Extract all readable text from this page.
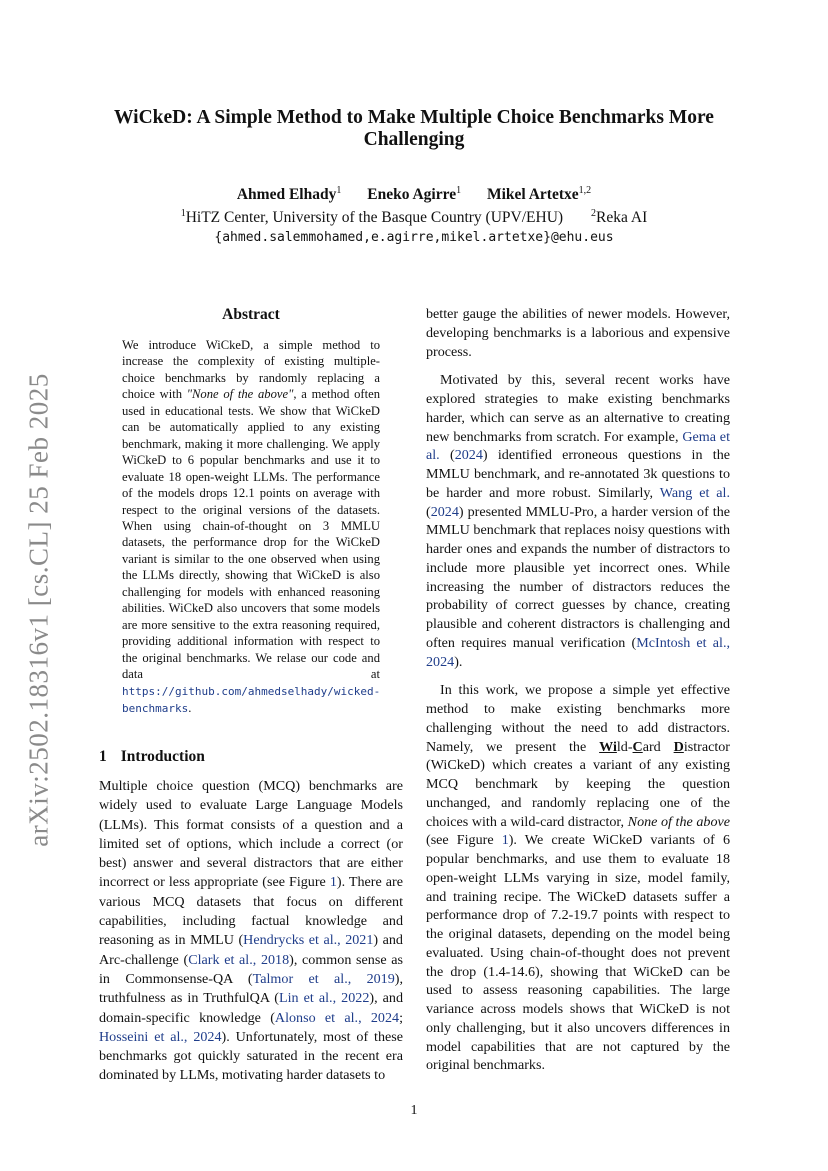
arXiv:2502.18316v1 [cs.CL] 25 Feb 2025
WiCkeD: A Simple Method to Make Multiple Choice Benchmarks More Challenging
Ahmed Elhady$^1$ Eneko Agirre$^1$ Mikel Artetxe$^{1,2}$
$^1$HiTZ Center, University of the Basque Country (UPV/EHU)	$^2$Reka AI
{ahmed.salemmohamed,e.agirre,mikel.artetxe}@ehu.eus
Abstract

We introduce WiCkeD, a simple method to increase the complexity of existing multiple-choice benchmarks by randomly replacing a choice with "None of the above", a method often used in educational tests. We show that WiCkeD can be automatically applied to any existing benchmark, making it more challenging. We apply WiCkeD to 6 popular benchmarks and use it to evaluate 18 open-weight LLMs. The performance of the models drops 12.1 points on average with respect to the original versions of the datasets. When using chain-of-thought on 3 MMLU datasets, the performance drop for the WiCkeD variant is similar to the one observed when using the LLMs directly, showing that WiCkeD is also challenging for models with enhanced reasoning abilities. WiCkeD also uncovers that some models are more sensitive to the extra reasoning required, providing additional information with respect to the original benchmarks. We relase our code and data at https://github.com/ahmedselhady/wicked-benchmarks.

1 Introduction

Multiple choice question (MCQ) benchmarks are widely used to evaluate Large Language Models (LLMs). This format consists of a question and a limited set of options, which include a correct (or best) answer and several distractors that are either incorrect or less appropriate (see Figure 1). There are various MCQ datasets that focus on different capabilities, including factual knowledge and reasoning as in MMLU (Hendrycks et al., 2021) and Arc-challenge (Clark et al., 2018), common sense as in Commonsense-QA (Talmor et al., 2019), truthfulness as in TruthfulQA (Lin et al., 2022), and domain-specific knowledge (Alonso et al., 2024; Hosseini et al., 2024). Unfortunately, most of these benchmarks got quickly saturated in the recent era dominated by LLMs, motivating harder datasets to

better gauge the abilities of newer models. However, developing benchmarks is a laborious and expensive process.

Motivated by this, several recent works have explored strategies to make existing benchmarks harder, which can serve as an alternative to creating new benchmarks from scratch. For example, Gema et al. (2024) identified erroneous questions in the MMLU benchmark, and re-annotated 3k questions to be harder and more robust. Similarly, Wang et al. (2024) presented MMLU-Pro, a harder version of the MMLU benchmark that replaces noisy questions with harder ones and expands the number of distractors to include more plausible yet incorrect ones. While increasing the number of distractors reduces the probability of correct guesses by chance, creating plausible and coherent distractors is challenging and often requires manual verification (McIntosh et al., 2024).

In this work, we propose a simple yet effective method to make existing benchmarks more challenging without the need to add distractors. Namely, we present the Wild-Card Distractor (WiCkeD) which creates a variant of any existing MCQ benchmark by keeping the question unchanged, and randomly replacing one of the choices with a wild-card distractor, None of the above (see Figure 1). We create WiCkeD variants of 6 popular benchmarks, and use them to evaluate 18 open-weight LLMs varying in size, model family, and training recipe. The WiCkeD datasets suffer a performance drop of 7.2-19.7 points with respect to the original datasets, depending on the model being evaluated. Using chain-of-thought does not prevent the drop (1.4-14.6), showing that WiCkeD can be used to assess reasoning capabilities. The large variance across models shows that WiCkeD is not only challenging, but it also uncovers differences in model capabilities that are not captured by the original benchmarks.

1
